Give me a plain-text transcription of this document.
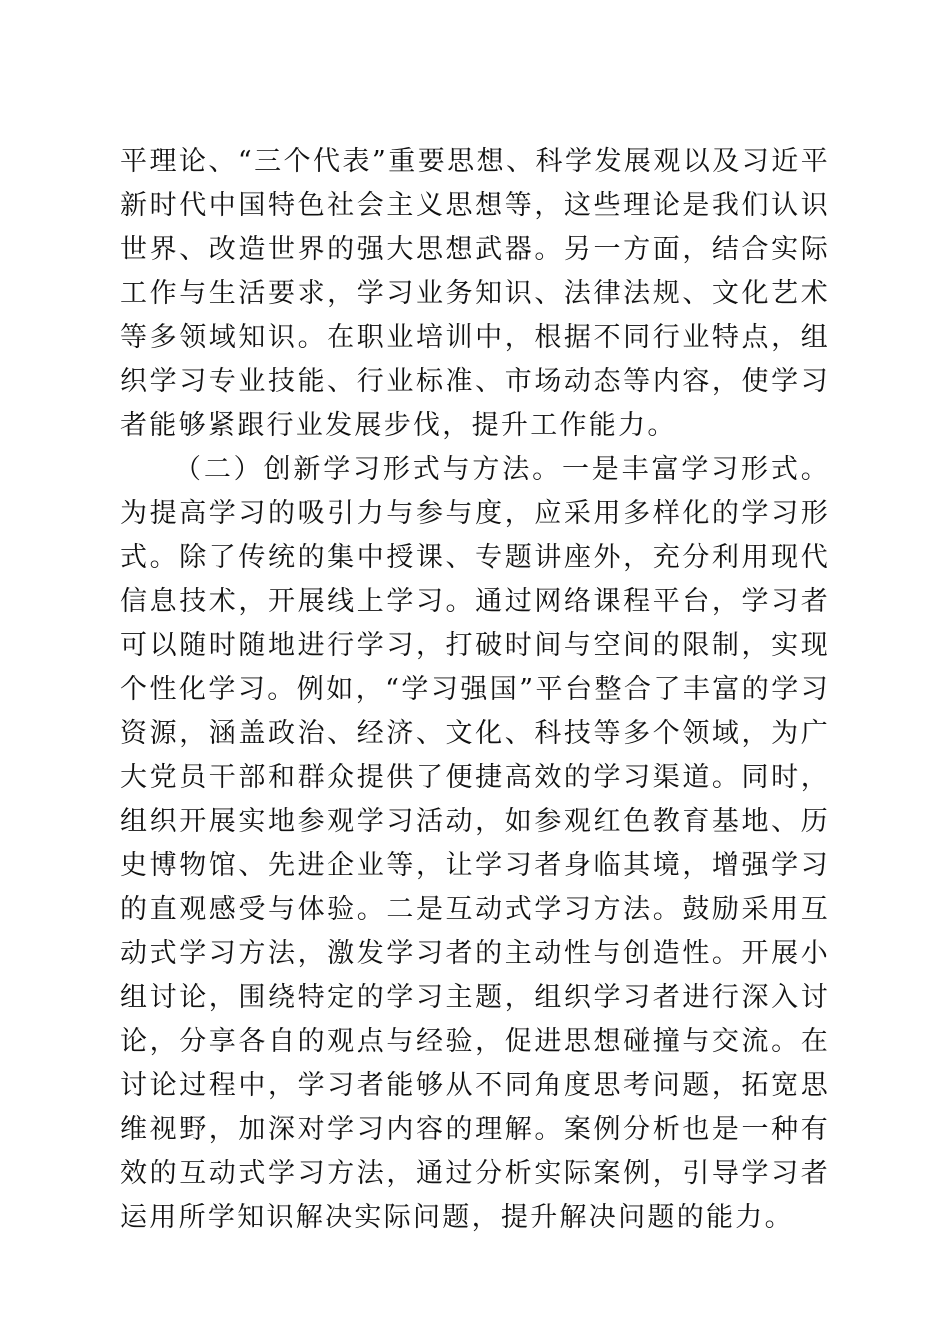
平理论、“三个代表”重要思想、科学发展观以及习近平新时代中国特色社会主义思想等，这些理论是我们认识世界、改造世界的强大思想武器。另一方面，结合实际工作与生活要求，学习业务知识、法律法规、文化艺术等多领域知识。在职业培训中，根据不同行业特点，组织学习专业技能、行业标准、市场动态等内容，使学习者能够紧跟行业发展步伐，提升工作能力。

（二）创新学习形式与方法。一是丰富学习形式。为提高学习的吸引力与参与度，应采用多样化的学习形式。除了传统的集中授课、专题讲座外，充分利用现代信息技术，开展线上学习。通过网络课程平台，学习者可以随时随地进行学习，打破时间与空间的限制，实现个性化学习。例如，“学习强国”平台整合了丰富的学习资源，涵盖政治、经济、文化、科技等多个领域，为广大党员干部和群众提供了便捷高效的学习渠道。同时，组织开展实地参观学习活动，如参观红色教育基地、历史博物馆、先进企业等，让学习者身临其境，增强学习的直观感受与体验。二是互动式学习方法。鼓励采用互动式学习方法，激发学习者的主动性与创造性。开展小组讨论，围绕特定的学习主题，组织学习者进行深入讨论，分享各自的观点与经验，促进思想碰撞与交流。在讨论过程中，学习者能够从不同角度思考问题，拓宽思维视野，加深对学习内容的理解。案例分析也是一种有效的互动式学习方法，通过分析实际案例，引导学习者运用所学知识解决实际问题，提升解决问题的能力。
